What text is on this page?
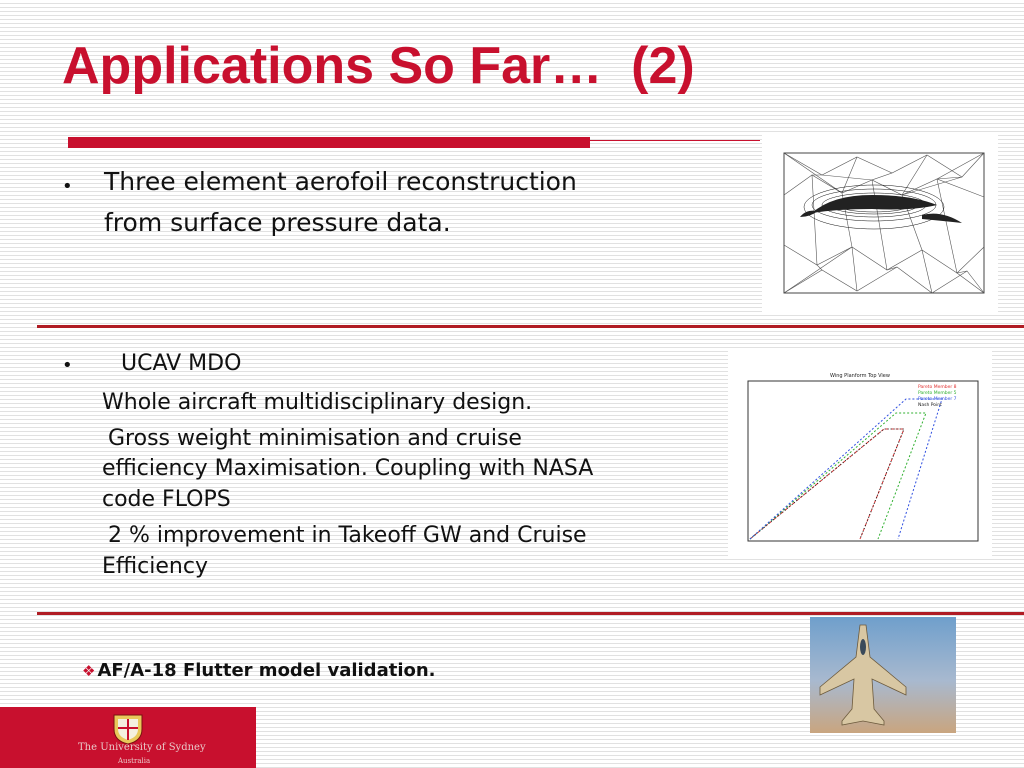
Applications So Far…  (2)
• Three element aerofoil reconstruction
from surface pressure data.
• UCAV MDO
Whole aircraft multidisciplinary design.
Gross weight minimisation and cruise
efficiency Maximisation. Coupling with NASA
code FLOPS
2 % improvement in Takeoff GW and Cruise
Efficiency
Wing Planform Top View
Pareto Member 8
Pareto Member 5
Pareto Member 7
Nash Point
❖ AF/A-18 Flutter model validation.
The University of Sydney
Australia
